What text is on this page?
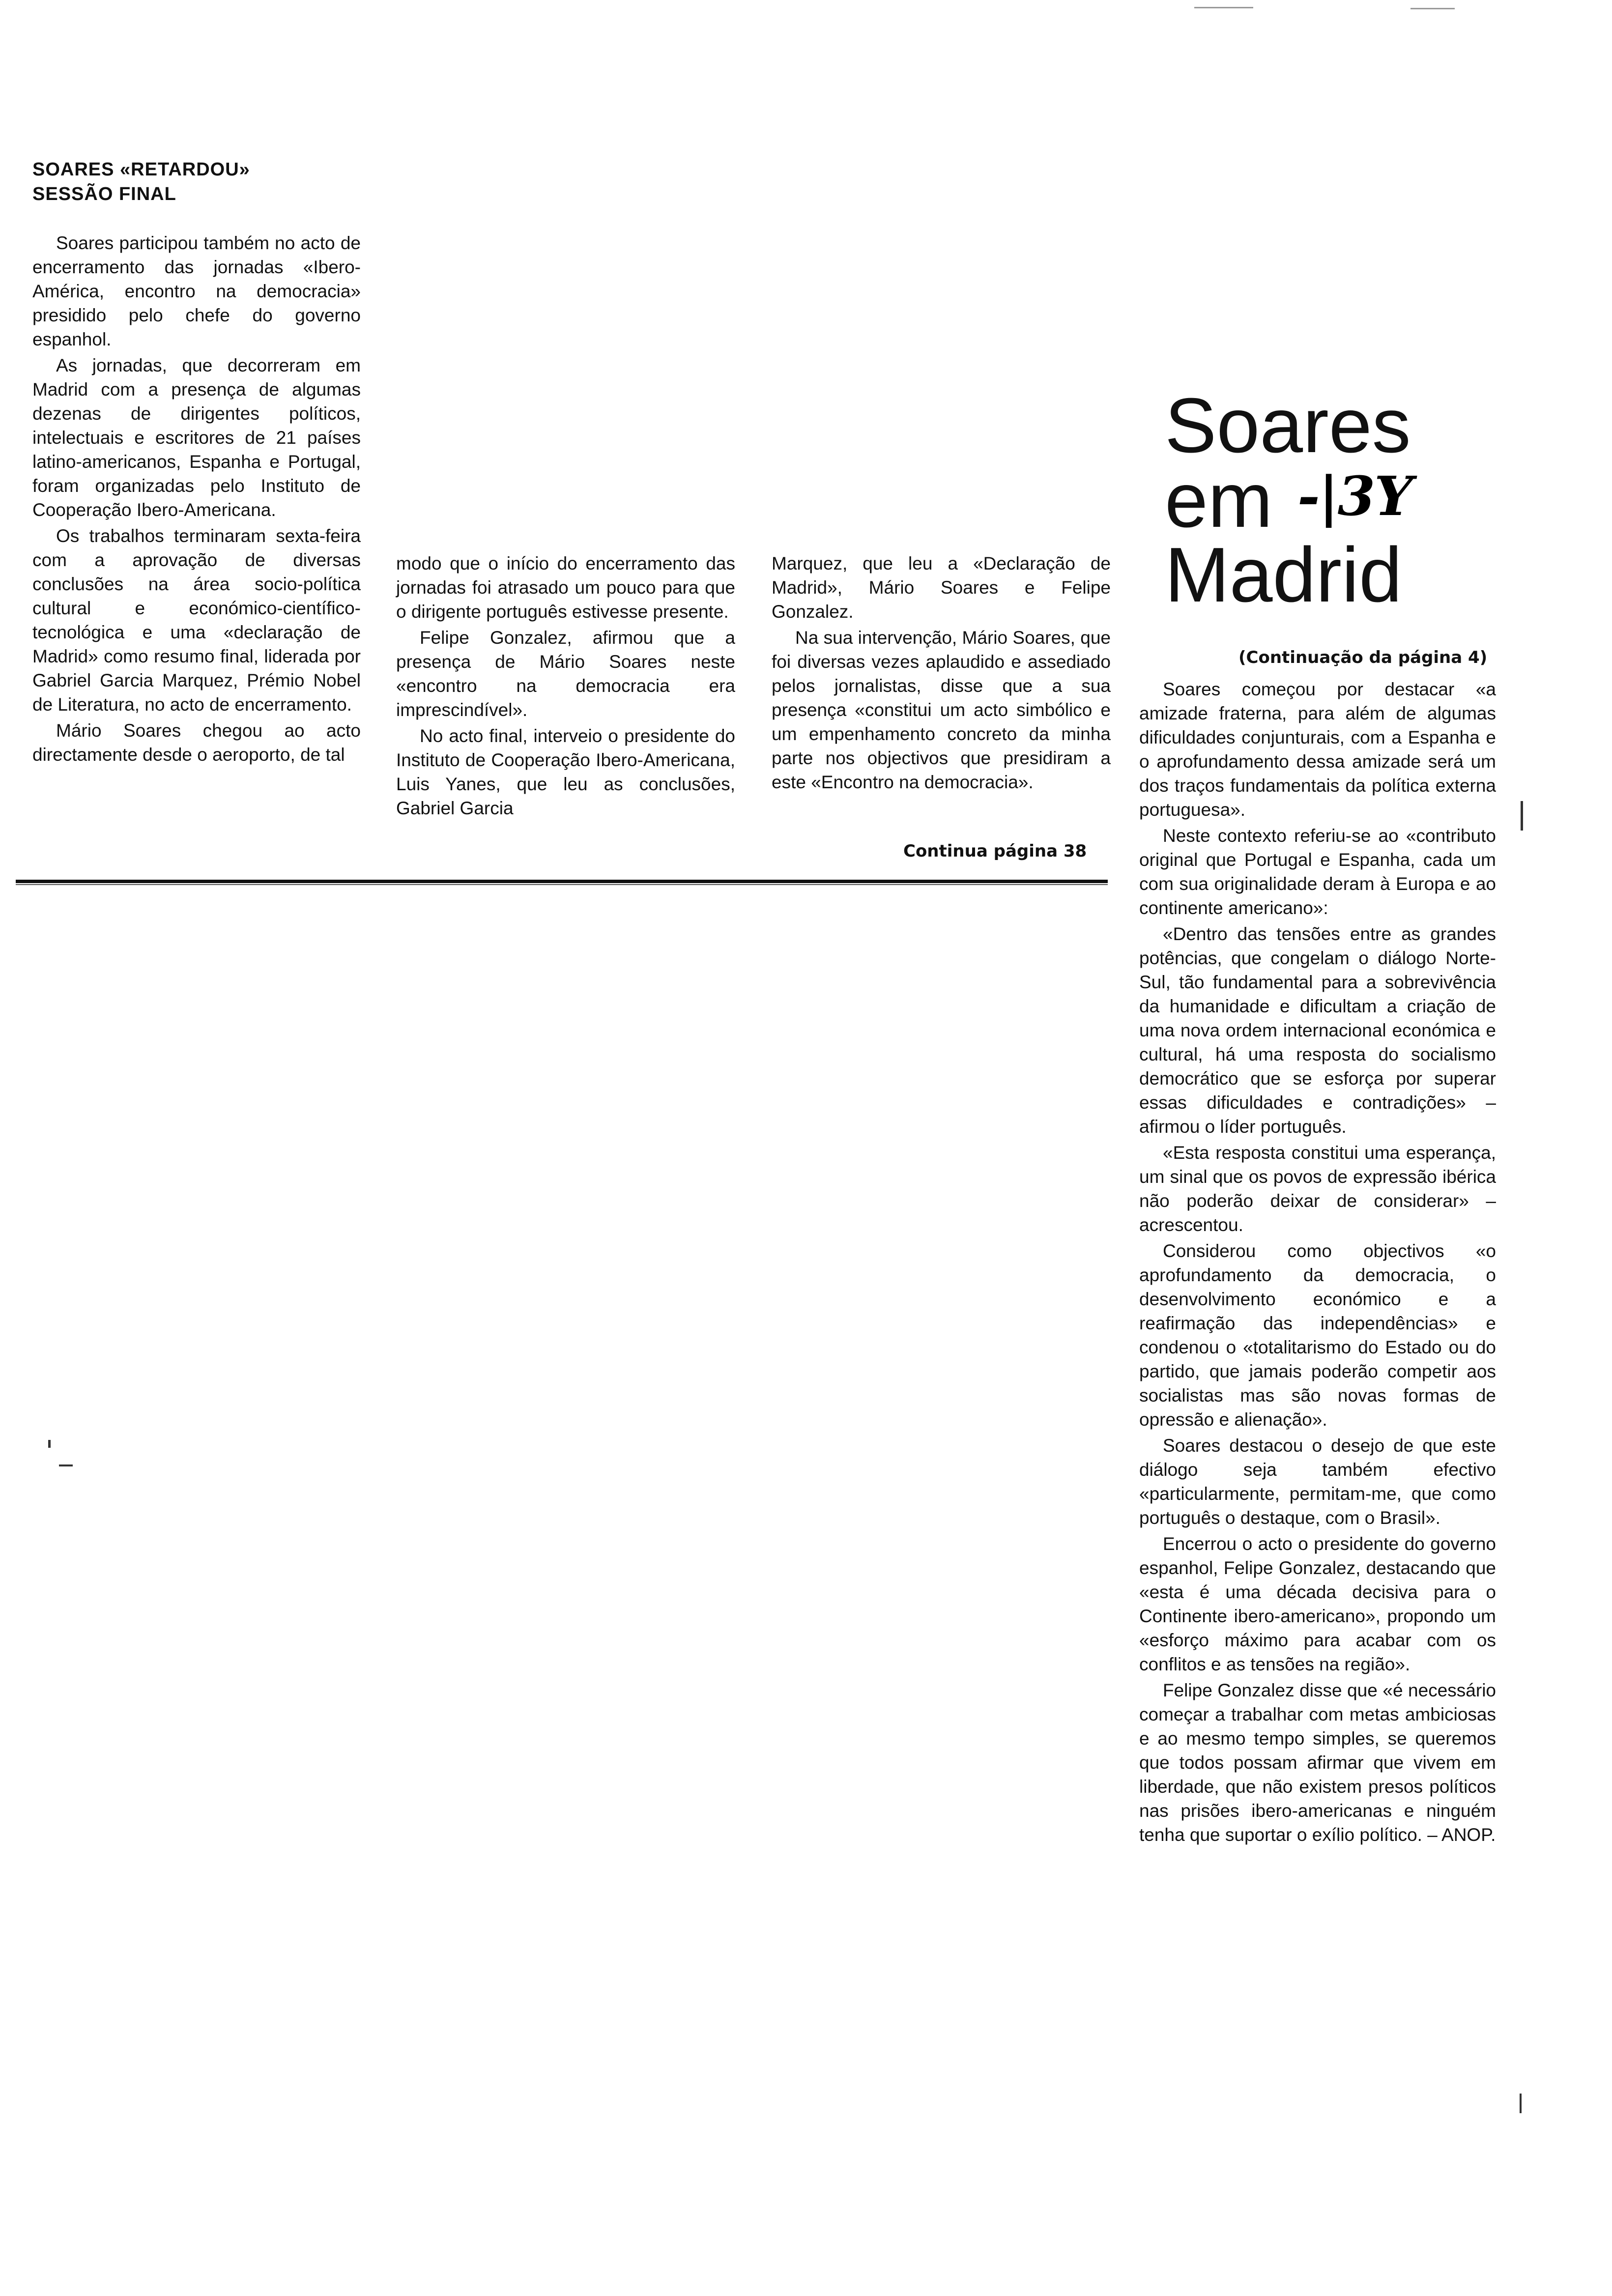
SOARES «RETARDOU»
SESSÃO FINAL

Soares participou também no acto de encerramento das jornadas «Ibero-América, encontro na democracia» presidido pelo chefe do governo espanhol.

As jornadas, que decorreram em Madrid com a presença de algumas dezenas de dirigentes políticos, intelectuais e escritores de 21 países latino-americanos, Espanha e Portugal, foram organizadas pelo Instituto de Cooperação Ibero-Americana.

Os trabalhos terminaram sexta-feira com a aprovação de diversas conclusões na área socio-política cultural e económico-científico-tecnológica e uma «declaração de Madrid» como resumo final, liderada por Gabriel Garcia Marquez, Prémio Nobel de Literatura, no acto de encerramento.

Mário Soares chegou ao acto directamente desde o aeroporto, de tal

modo que o início do encerramento das jornadas foi atrasado um pouco para que o dirigente português estivesse presente.

Felipe Gonzalez, afirmou que a presença de Mário Soares neste «encontro na democracia era imprescindível».

No acto final, interveio o presidente do Instituto de Cooperação Ibero-Americana, Luis Yanes, que leu as conclusões, Gabriel Garcia

Marquez, que leu a «Declaração de Madrid», Mário Soares e Felipe Gonzalez.

Na sua intervenção, Mário Soares, que foi diversas vezes aplaudido e assediado pelos jornalistas, disse que a sua presença «constitui um acto simbólico e um empenhamento concreto da minha parte nos objectivos que presidiram a este «Encontro na democracia».

Continua página 38
Soares
em
Madrid
-|3Y
(Continuação da página 4)

Soares começou por destacar «a amizade fraterna, para além de algumas dificuldades conjunturais, com a Espanha e o aprofundamento dessa amizade será um dos traços fundamentais da política externa portuguesa».

Neste contexto referiu-se ao «contributo original que Portugal e Espanha, cada um com sua originalidade deram à Europa e ao continente americano»:

«Dentro das tensões entre as grandes potências, que congelam o diálogo Norte-Sul, tão fundamental para a sobrevivência da humanidade e dificultam a criação de uma nova ordem internacional económica e cultural, há uma resposta do socialismo democrático que se esforça por superar essas dificuldades e contradições» – afirmou o líder português.

«Esta resposta constitui uma esperança, um sinal que os povos de expressão ibérica não poderão deixar de considerar» – acrescentou.

Considerou como objectivos «o aprofundamento da democracia, o desenvolvimento económico e a reafirmação das independências» e condenou o «totalitarismo do Estado ou do partido, que jamais poderão competir aos socialistas mas são novas formas de opressão e alienação».

Soares destacou o desejo de que este diálogo seja também efectivo «particularmente, permitam-me, que como português o destaque, com o Brasil».

Encerrou o acto o presidente do governo espanhol, Felipe Gonzalez, destacando que «esta é uma década decisiva para o Continente ibero-americano», propondo um «esforço máximo para acabar com os conflitos e as tensões na região».

Felipe Gonzalez disse que «é necessário começar a trabalhar com metas ambiciosas e ao mesmo tempo simples, se queremos que todos possam afirmar que vivem em liberdade, que não existem presos políticos nas prisões ibero-americanas e ninguém tenha que suportar o exílio político. – ANOP.
